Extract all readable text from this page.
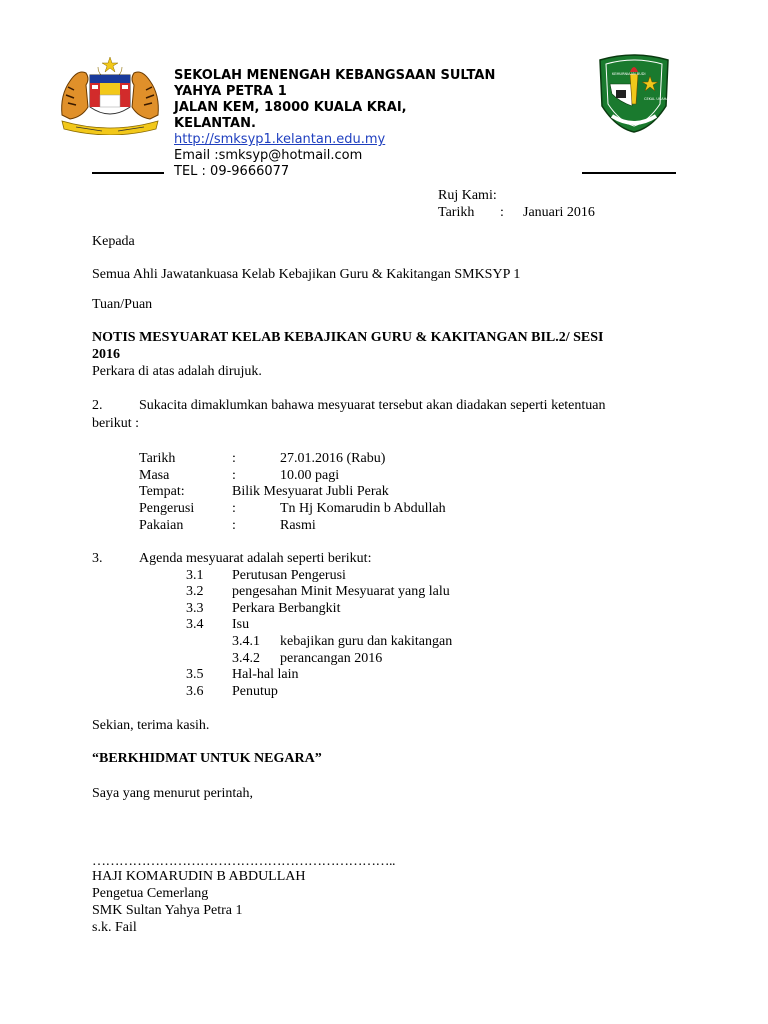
SEKOLAH MENENGAH KEBANGSAAN SULTAN
YAHYA PETRA 1
JALAN KEM, 18000 KUALA KRAI,
KELANTAN.
http://smksyp1.kelantan.edu.my
Email :smksyp@hotmail.com
TEL : 09-9666077
KEMURNIAAN BUDI
CEKAL USAHA
Ruj Kami:
Tarikh : Januari 2016
Kepada
Semua Ahli Jawatankuasa Kelab Kebajikan Guru & Kakitangan SMKSYP 1
Tuan/Puan
NOTIS MESYUARAT KELAB KEBAJIKAN GURU & KAKITANGAN BIL.2/ SESI
2016
Perkara di atas adalah dirujuk.
2.	Sukacita dimaklumkan bahawa mesyuarat tersebut akan diadakan seperti ketentuan
berikut :
Tarikh	:	27.01.2016 (Rabu)
Masa	:	10.00 pagi
Tempat:	Bilik Mesyuarat Jubli Perak
Pengerusi	:	Tn Hj Komarudin b Abdullah
Pakaian	:	Rasmi
3.	Agenda mesyuarat adalah seperti berikut:
3.1 Perutusan Pengerusi
3.2 pengesahan Minit Mesyuarat yang lalu
3.3 Perkara Berbangkit
3.4 Isu
3.4.1 kebajikan guru dan kakitangan
3.4.2 perancangan 2016
3.5 Hal-hal lain
3.6 Penutup
Sekian, terima kasih.
“BERKHIDMAT UNTUK NEGARA”
Saya yang menurut perintah,
…………………………………………………………..
HAJI KOMARUDIN B ABDULLAH
Pengetua Cemerlang
SMK Sultan Yahya Petra 1
s.k. Fail
